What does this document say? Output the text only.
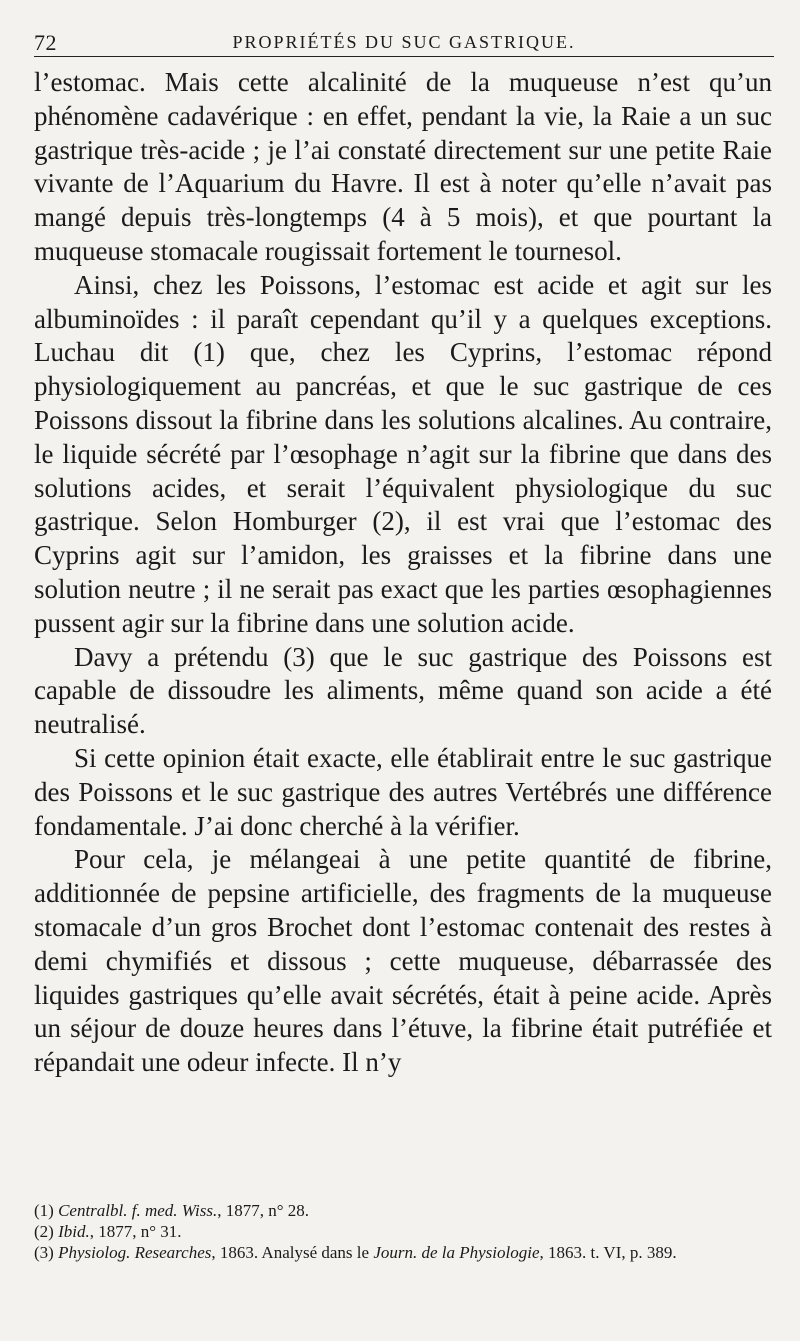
72	PROPRIÉTÉS DU SUC GASTRIQUE.

l’estomac. Mais cette alcalinité de la muqueuse n’est qu’un phénomène cadavérique : en effet, pendant la vie, la Raie a un suc gastrique très-acide ; je l’ai constaté directement sur une petite Raie vivante de l’Aquarium du Havre. Il est à noter qu’elle n’avait pas mangé depuis très-longtemps (4 à 5 mois), et que pourtant la muqueuse stomacale rougissait fortement le tournesol.

Ainsi, chez les Poissons, l’estomac est acide et agit sur les albuminoïdes : il paraît cependant qu’il y a quelques exceptions. Luchau dit (1) que, chez les Cyprins, l’estomac répond physiologiquement au pancréas, et que le suc gastrique de ces Poissons dissout la fibrine dans les solutions alcalines. Au contraire, le liquide sécrété par l’œsophage n’agit sur la fibrine que dans des solutions acides, et serait l’équivalent physiologique du suc gastrique. Selon Homburger (2), il est vrai que l’estomac des Cyprins agit sur l’amidon, les graisses et la fibrine dans une solution neutre ; il ne serait pas exact que les parties œsophagiennes pussent agir sur la fibrine dans une solution acide.

Davy a prétendu (3) que le suc gastrique des Poissons est capable de dissoudre les aliments, même quand son acide a été neutralisé.

Si cette opinion était exacte, elle établirait entre le suc gastrique des Poissons et le suc gastrique des autres Vertébrés une différence fondamentale. J’ai donc cherché à la vérifier.

Pour cela, je mélangeai à une petite quantité de fibrine, additionnée de pepsine artificielle, des fragments de la muqueuse stomacale d’un gros Brochet dont l’estomac contenait des restes à demi chymifiés et dissous ; cette muqueuse, débarrassée des liquides gastriques qu’elle avait sécrétés, était à peine acide. Après un séjour de douze heures dans l’étuve, la fibrine était putréfiée et répandait une odeur infecte. Il n’y

(1) Centralbl. f. med. Wiss., 1877, n° 28.

(2) Ibid., 1877, n° 31.

(3) Physiolog. Researches, 1863. Analysé dans le Journ. de la Physiologie, 1863. t. VI, p. 389.
